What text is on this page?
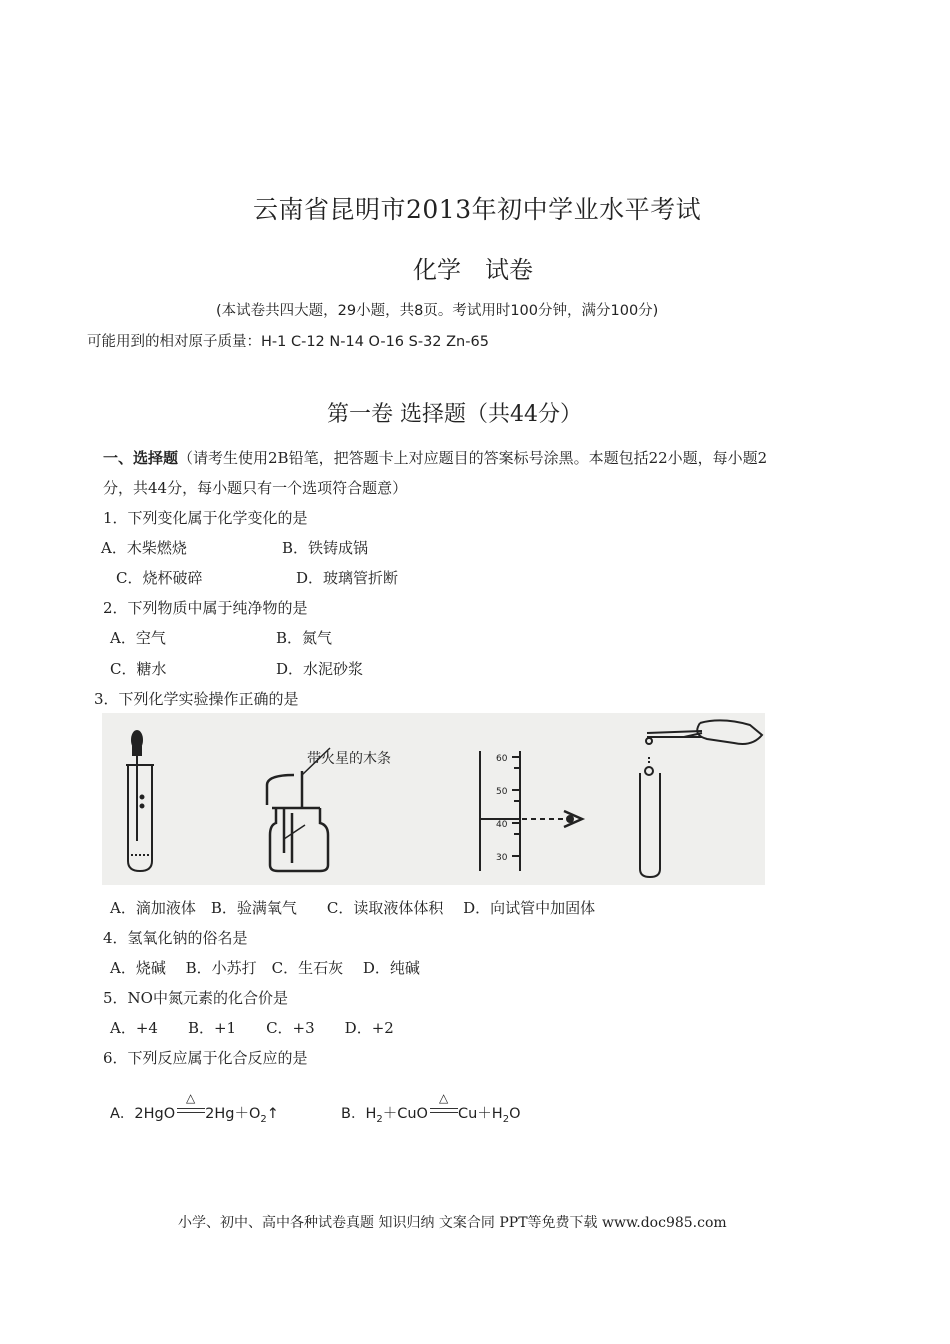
云南省昆明市2013年初中学业水平考试
化学　试卷
(本试卷共四大题，29小题，共8页。考试用时100分钟，满分100分)
可能用到的相对原子质量：H-1 C-12 N-14 O-16 S-32 Zn-65
第一卷 选择题（共44分）
一、选择题（请考生使用2B铅笔，把答题卡上对应题目的答案标号涂黑。本题包括22小题，每小题2
分，共44分，每小题只有一个选项符合题意）
1．下列变化属于化学变化的是
A．木柴燃烧	B．铁铸成锅
C．烧杯破碎	D．玻璃管折断
2．下列物质中属于纯净物的是
A．空气	B．氮气
C．糖水	D．水泥砂浆
3．下列化学实验操作正确的是
带火星的木条	60
50
40
30
A．滴加液体　B．验满氧气　　C．读取液体体积　 D．向试管中加固体
4．氢氧化钠的俗名是
A．烧碱　 B．小苏打　C．生石灰　 D．纯碱
5．NO中氮元素的化合价是
A．+4　　B．+1　　C．+3　　D．+2
6．下列反应属于化合反应的是
A．2HgO $2Hg+O_2↑$
△
B．$H_2+CuO$ $Cu+H_2O$
△
小学、初中、高中各种试卷真题 知识归纳 文案合同 PPT等免费下载 www.doc985.com
